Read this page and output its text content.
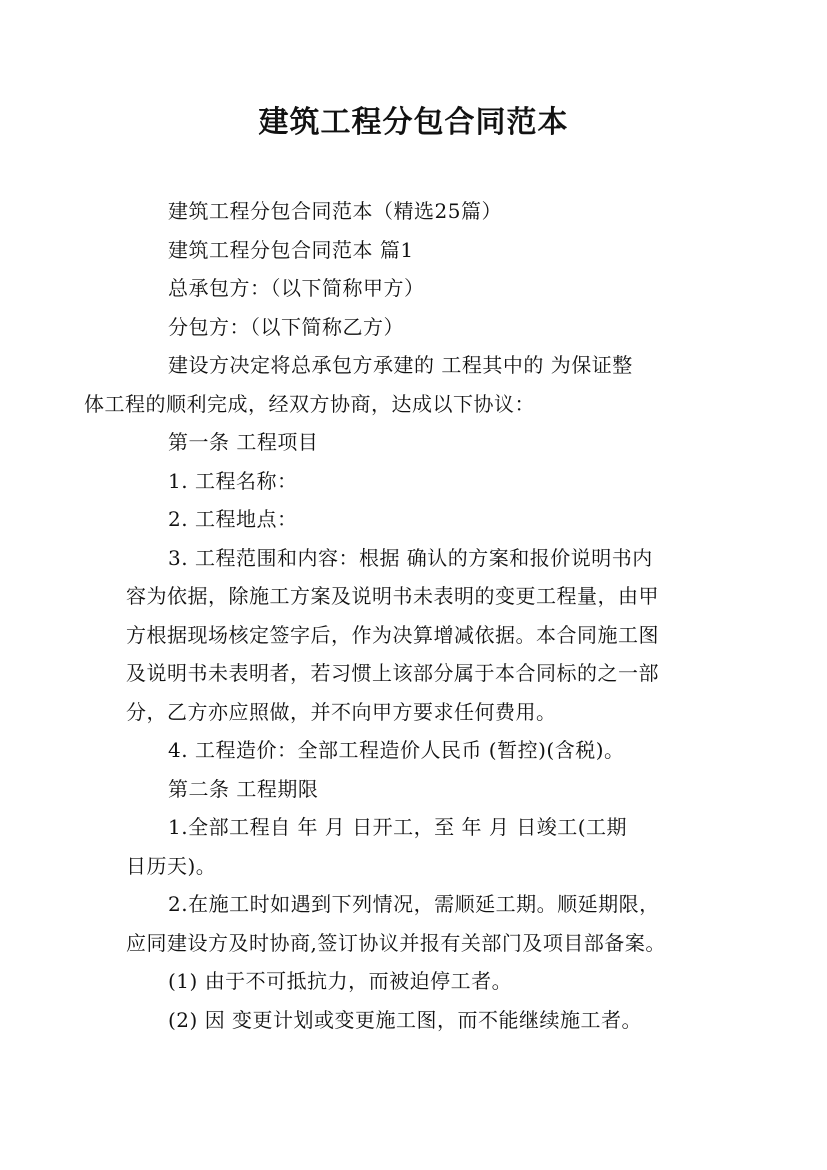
建筑工程分包合同范本

建筑工程分包合同范本（精选25篇）

建筑工程分包合同范本 篇1

总承包方：（以下简称甲方）

分包方：（以下简称乙方）

建设方决定将总承包方承建的 工程其中的 为保证整
体工程的顺利完成，经双方协商，达成以下协议：

第一条 工程项目

1. 工程名称：

2. 工程地点：

3. 工程范围和内容：根据 确认的方案和报价说明书内
容为依据，除施工方案及说明书未表明的变更工程量，由甲
方根据现场核定签字后，作为决算增减依据。本合同施工图
及说明书未表明者，若习惯上该部分属于本合同标的之一部
分，乙方亦应照做，并不向甲方要求任何费用。

4. 工程造价：全部工程造价人民币 (暂控)(含税)。

第二条 工程期限

1.全部工程自 年 月 日开工，至 年 月 日竣工(工期
日历天)。

2.在施工时如遇到下列情况，需顺延工期。顺延期限，
应同建设方及时协商,签订协议并报有关部门及项目部备案。

(1) 由于不可抵抗力，而被迫停工者。

(2) 因 变更计划或变更施工图，而不能继续施工者。
